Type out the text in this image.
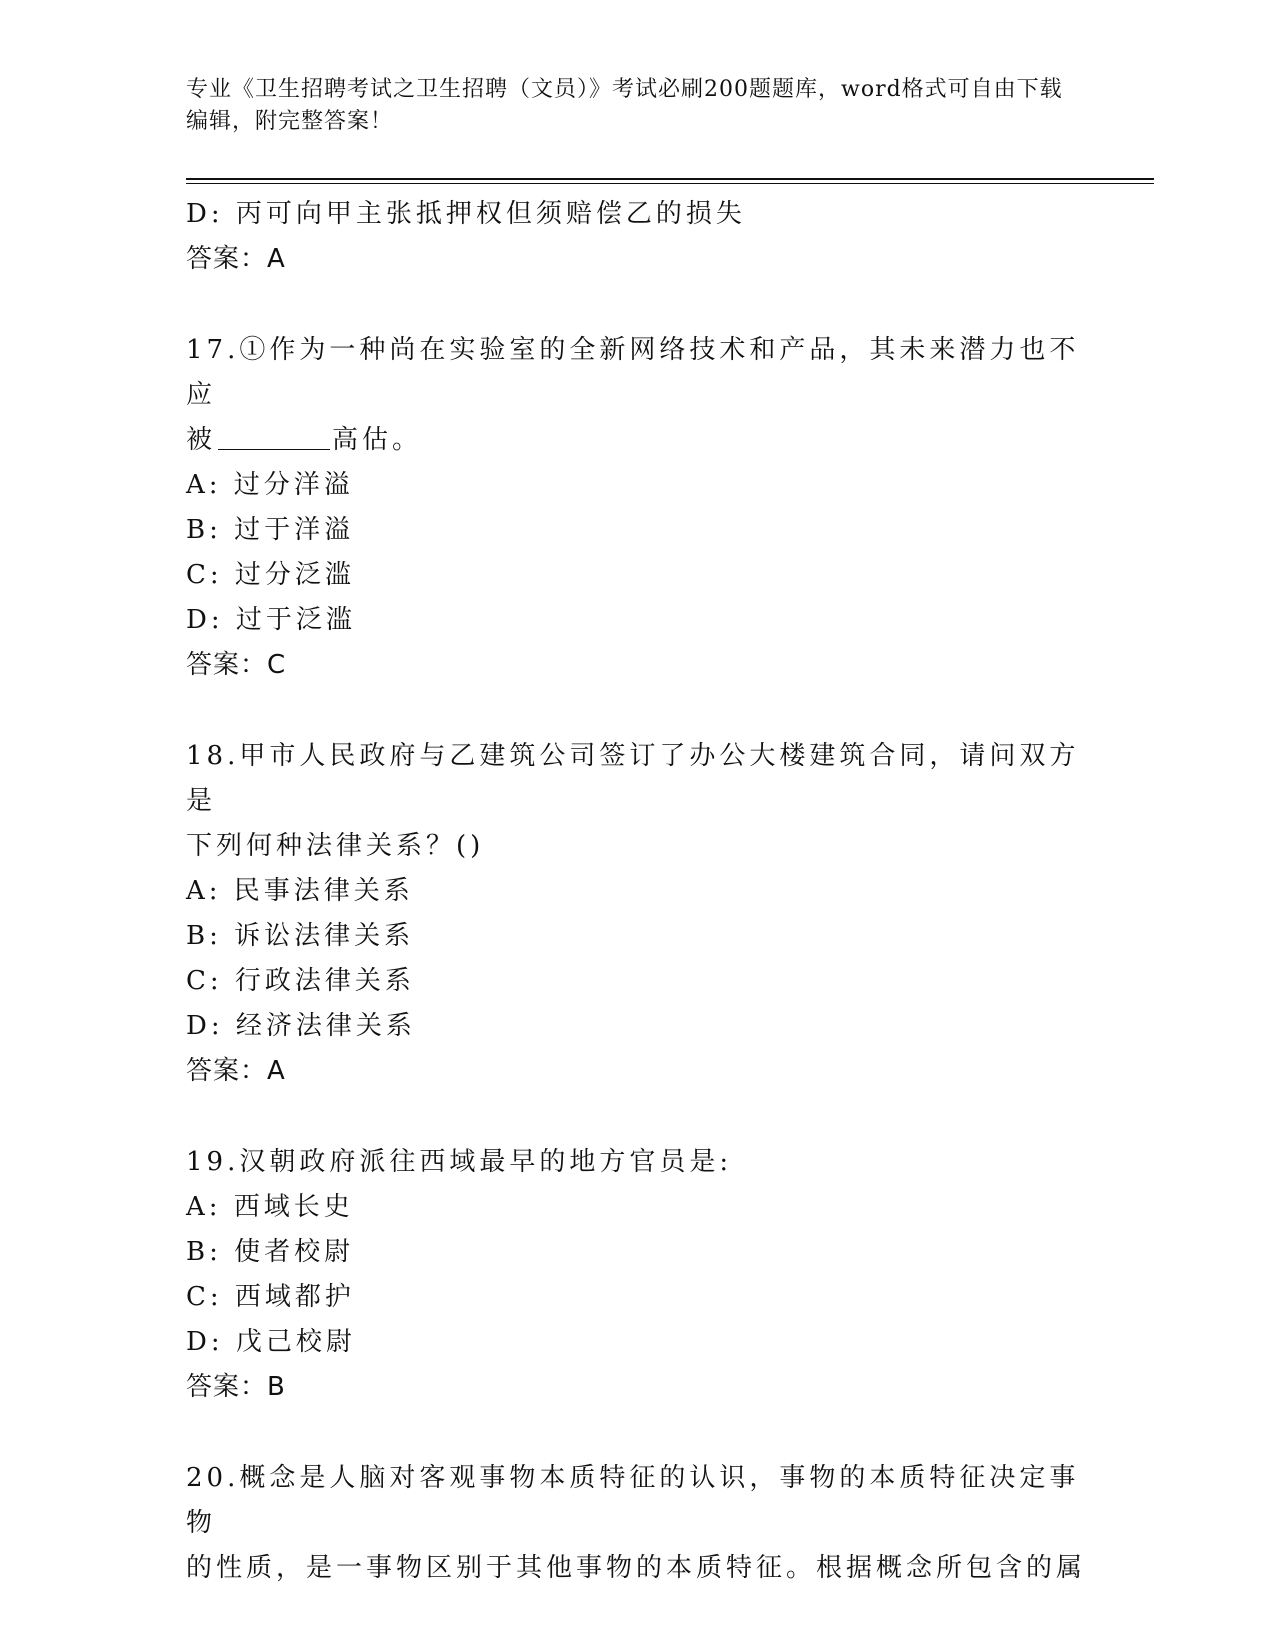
专业《卫生招聘考试之卫生招聘（文员）》考试必刷200题题库，word格式可自由下载编辑，附完整答案！
D: 丙可向甲主张抵押权但须赔偿乙的损失
答案：A
17.①作为一种尚在实验室的全新网络技术和产品，其未来潜力也不应
被	高估。
A: 过分洋溢
B: 过于洋溢
C: 过分泛滥
D: 过于泛滥
答案：C
18.甲市人民政府与乙建筑公司签订了办公大楼建筑合同，请问双方是
下列何种法律关系？()
A: 民事法律关系
B: 诉讼法律关系
C: 行政法律关系
D: 经济法律关系
答案：A
19.汉朝政府派往西域最早的地方官员是:
A: 西域长史
B: 使者校尉
C: 西域都护
D: 戊己校尉
答案：B
20.概念是人脑对客观事物本质特征的认识，事物的本质特征决定事物
的性质，是一事物区别于其他事物的本质特征。根据概念所包含的属
